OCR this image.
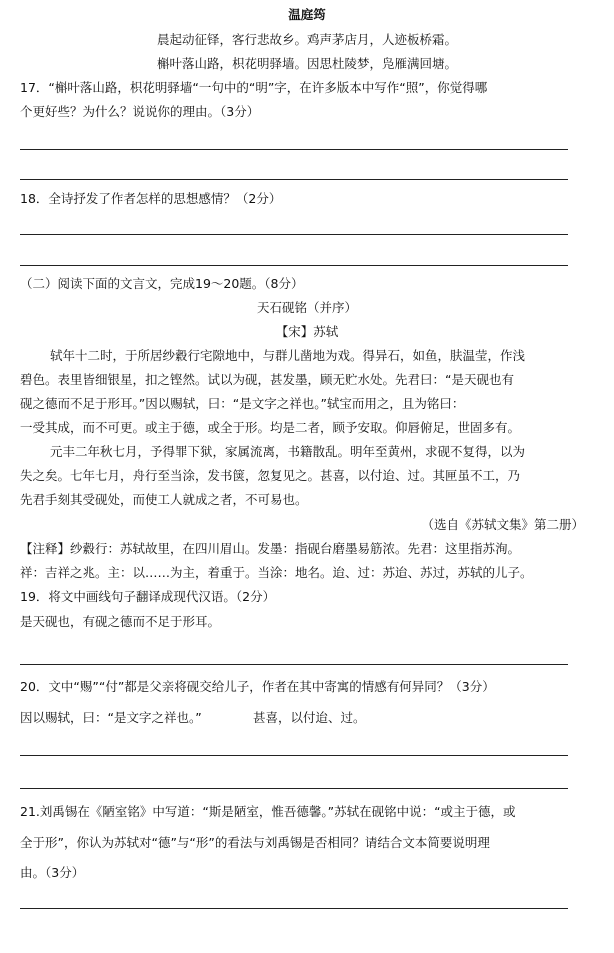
温庭筠
晨起动征铎，客行悲故乡。鸡声茅店月，人迹板桥霜。
槲叶落山路，枳花明驿墙。因思杜陵梦，凫雁满回塘。
17．“槲叶落山路，枳花明驿墙“一句中的“明”字，在许多版本中写作“照”，你觉得哪
个更好些？为什么？说说你的理由。（3分）
18．全诗抒发了作者怎样的思想感情？（2分）
（二）阅读下面的文言文，完成19～20题。（8分）
天石砚铭（并序）
【宋】苏轼
轼年十二时，于所居纱縠行宅隙地中，与群儿凿地为戏。得异石，如鱼，肤温莹，作浅
碧色。表里皆细银星，扣之铿然。试以为砚，甚发墨，顾无贮水处。先君曰：“是天砚也有
砚之德而不足于形耳。”因以赐轼，曰：“是文字之祥也。”轼宝而用之，且为铭曰：
一受其成，而不可更。或主于德，或全于形。均是二者，顾予安取。仰唇俯足，世固多有。
元丰二年秋七月，予得罪下狱，家属流离，书籍散乱。明年至黄州，求砚不复得，以为
失之矣。七年七月，舟行至当涂，发书箧，忽复见之。甚喜，以付迨、过。其匣虽不工，乃
先君手刻其受砚处，而使工人就成之者，不可易也。
（选自《苏轼文集》第二册）
【注释】纱縠行：苏轼故里，在四川眉山。发墨：指砚台磨墨易筋浓。先君：这里指苏洵。
祥：吉祥之兆。主：以……为主，着重于。当涂：地名。迨、过：苏迨、苏过，苏轼的儿子。
19．将文中画线句子翻译成现代汉语。（2分）
是天砚也，有砚之德而不足于形耳。
20．文中“赐”“付”都是父亲将砚交给儿子，作者在其中寄寓的情感有何异同？（3分）
因以赐轼，曰：“是文字之祥也。”	甚喜，以付迨、过。
21.刘禹锡在《陋室铭》中写道：“斯是陋室，惟吾德馨。”苏轼在砚铭中说：“或主于德，或
全于形”，你认为苏轼对“德”与“形”的看法与刘禹锡是否相同？请结合文本简要说明理
由。（3分）
